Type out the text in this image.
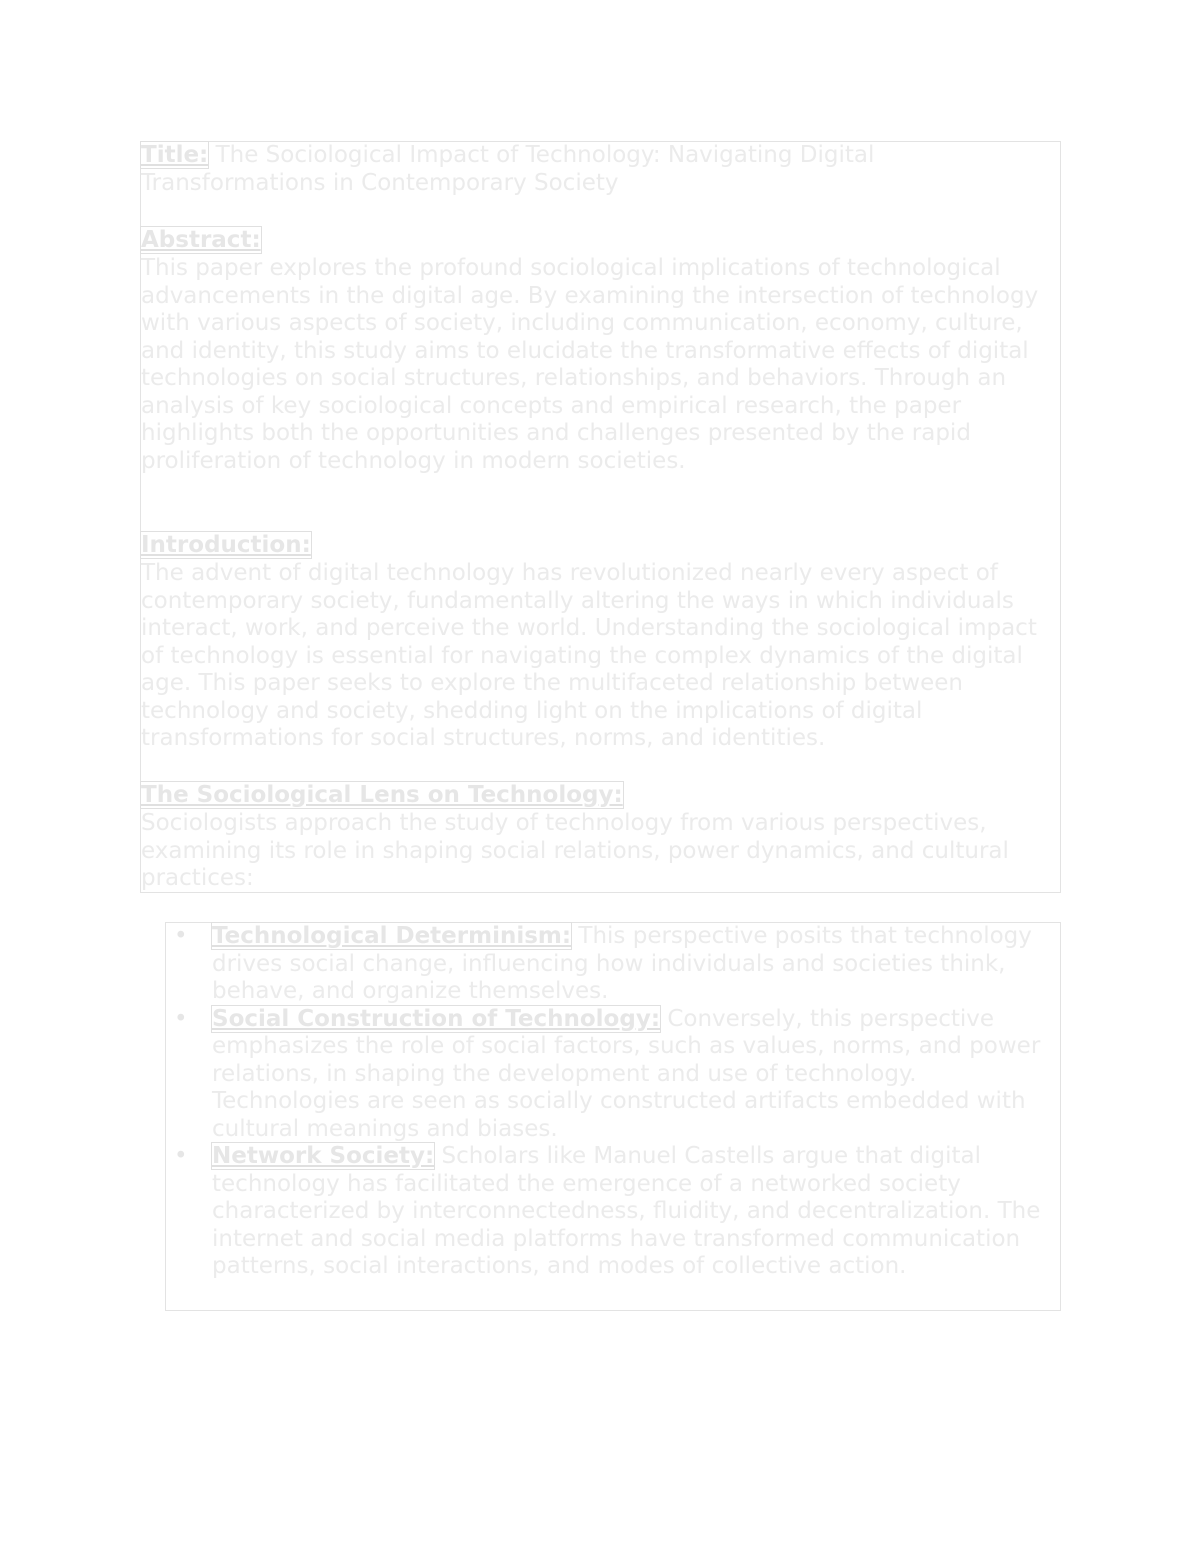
Title: The Sociological Impact of Technology: Navigating Digital Transformations in Contemporary Society

Abstract:

This paper explores the profound sociological implications of technological advancements in the digital age. By examining the intersection of technology with various aspects of society, including communication, economy, culture, and identity, this study aims to elucidate the transformative effects of digital technologies on social structures, relationships, and behaviors. Through an analysis of key sociological concepts and empirical research, the paper highlights both the opportunities and challenges presented by the rapid proliferation of technology in modern societies.

Introduction:

The advent of digital technology has revolutionized nearly every aspect of contemporary society, fundamentally altering the ways in which individuals interact, work, and perceive the world. Understanding the sociological impact of technology is essential for navigating the complex dynamics of the digital age. This paper seeks to explore the multifaceted relationship between technology and society, shedding light on the implications of digital transformations for social structures, norms, and identities.

The Sociological Lens on Technology:

Sociologists approach the study of technology from various perspectives, examining its role in shaping social relations, power dynamics, and cultural practices:

• Technological Determinism: This perspective posits that technology drives social change, influencing how individuals and societies think, behave, and organize themselves.
• Social Construction of Technology: Conversely, this perspective emphasizes the role of social factors, such as values, norms, and power relations, in shaping the development and use of technology. Technologies are seen as socially constructed artifacts embedded with cultural meanings and biases.
• Network Society: Scholars like Manuel Castells argue that digital technology has facilitated the emergence of a networked society characterized by interconnectedness, fluidity, and decentralization. The internet and social media platforms have transformed communication patterns, social interactions, and modes of collective action.
